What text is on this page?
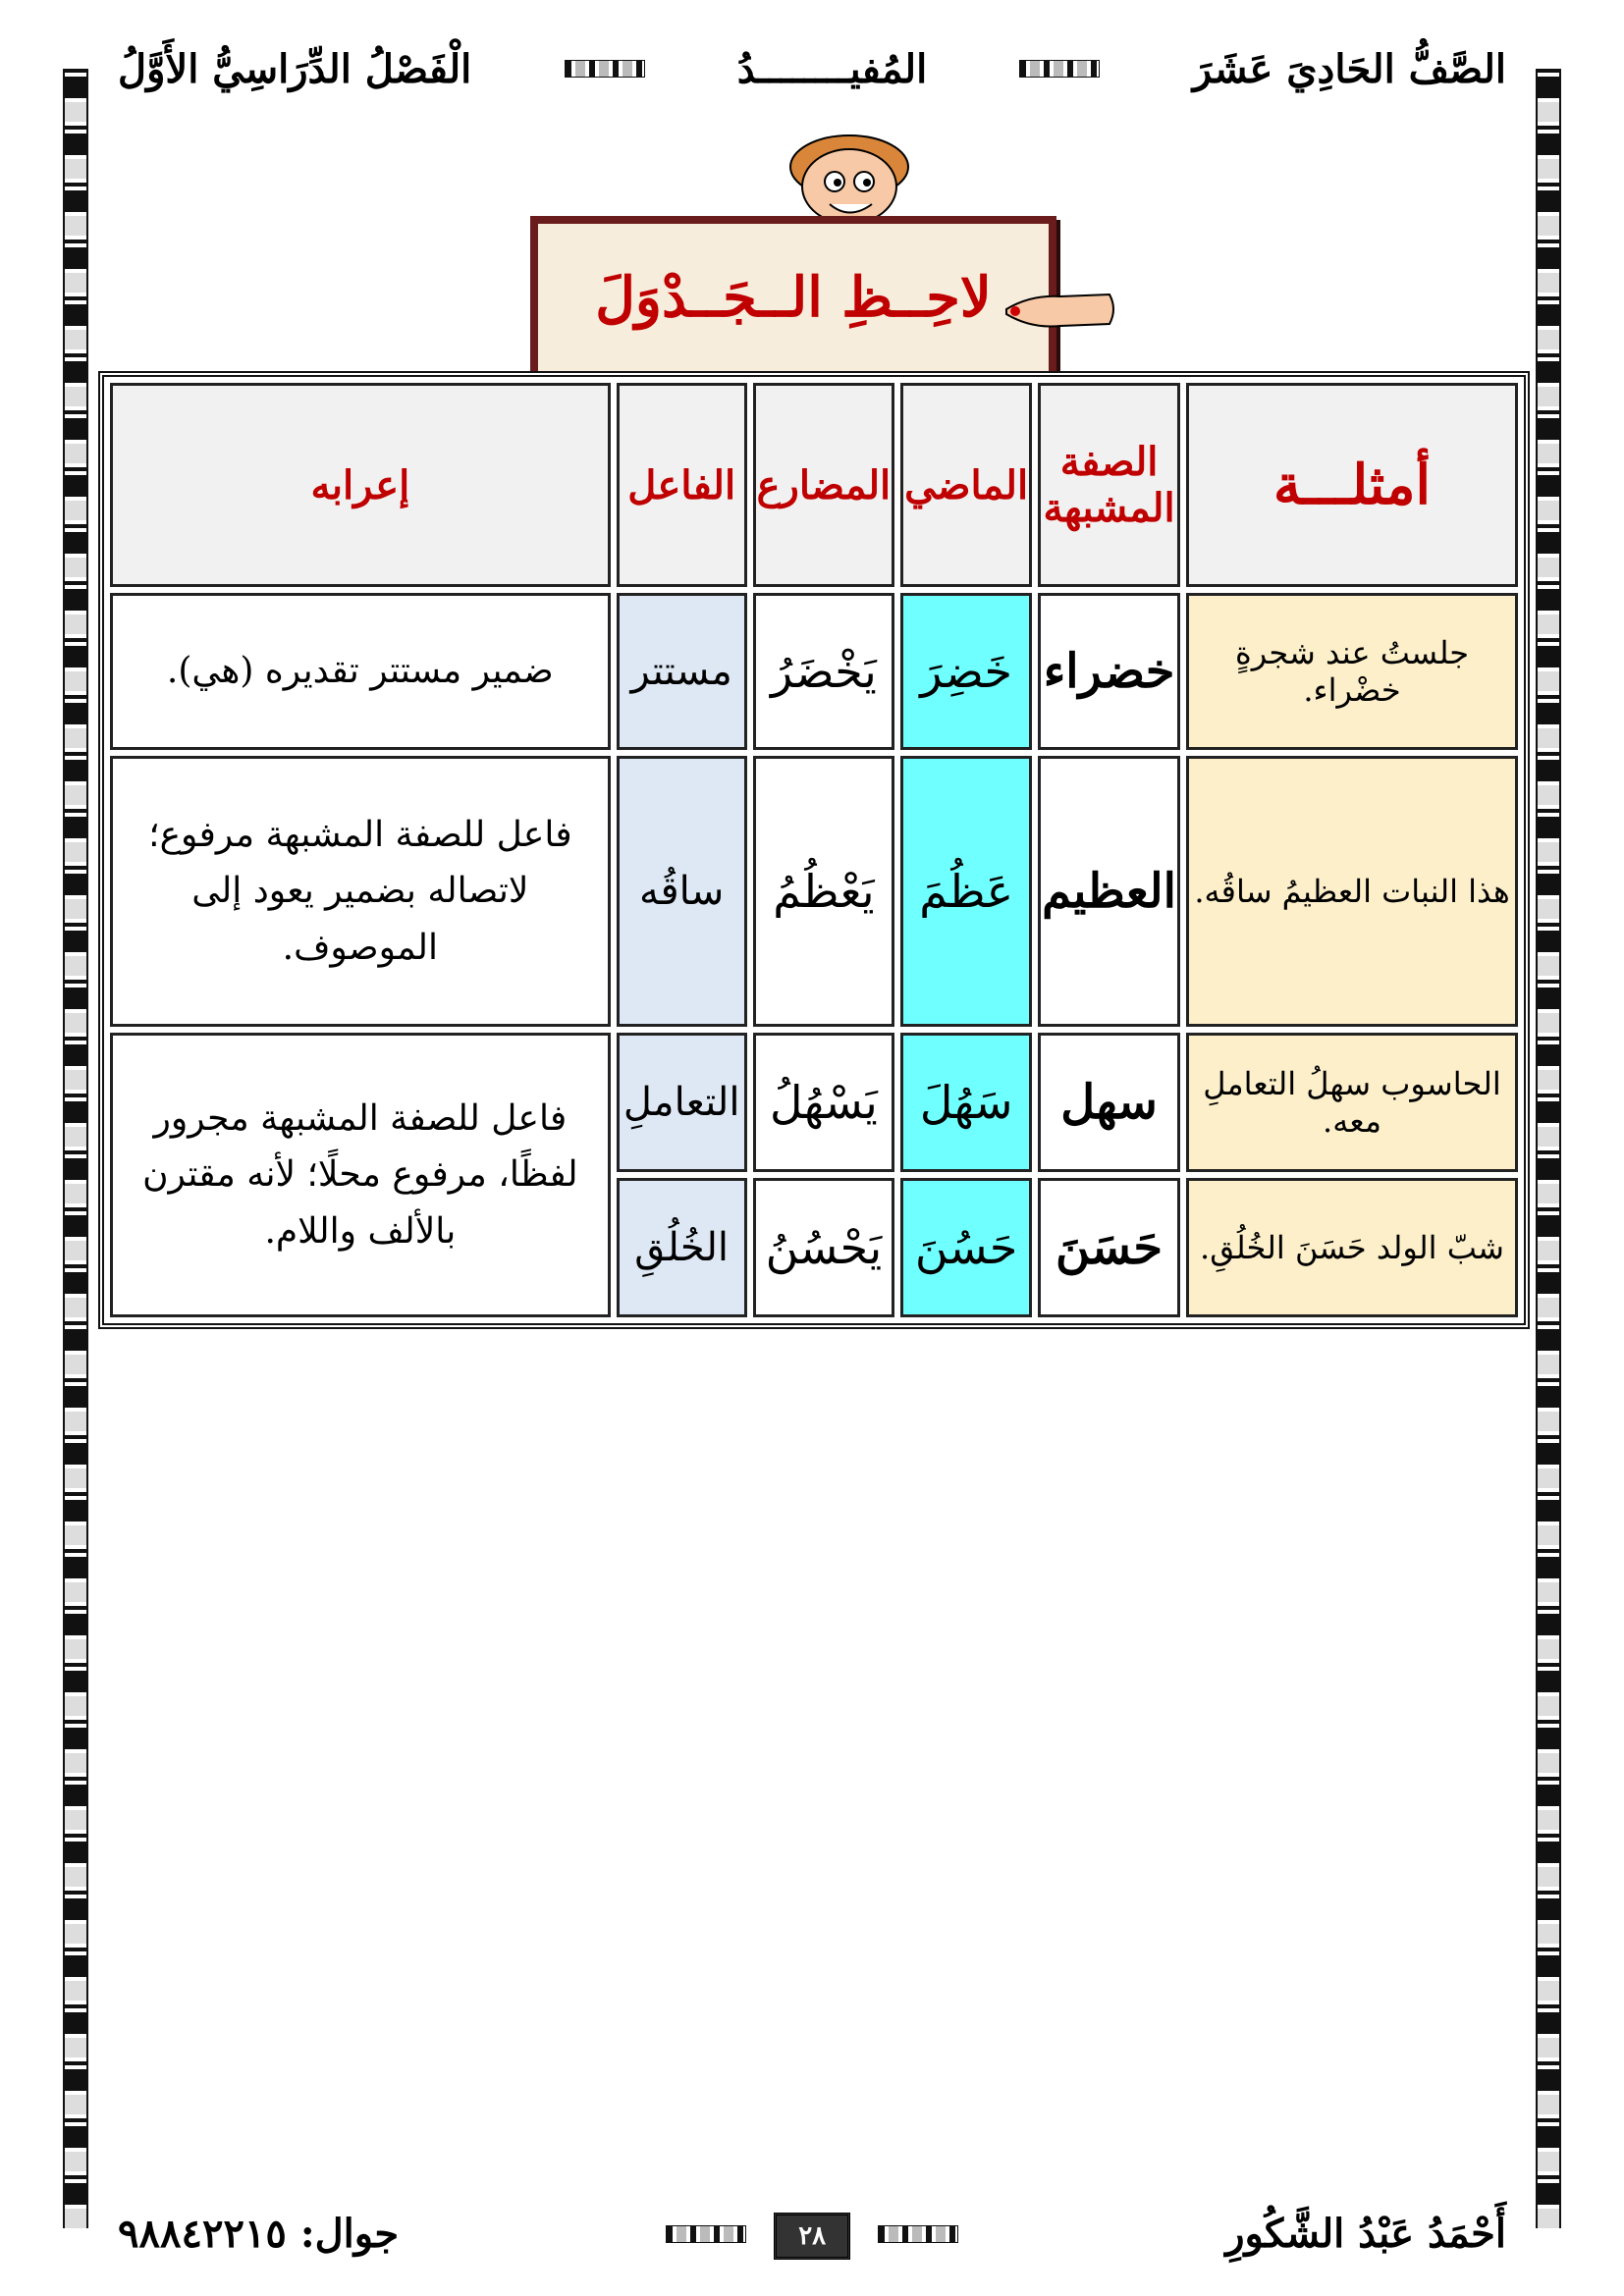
الصَّفُّ الحَادِيَ عَشَرَ
المُفيــــــــدُ
الْفَصْلُ الدِّرَاسِيُّ الأَوَّلُ
لاحِــظِ الــجَــدْوَلَ
أمثلـــة	الصفة المشبهة	الماضي	المضارع	الفاعل	إعرابه
جلستُ عند شجرةٍ خضْراء.	خضراء	خَضِرَ	يَخْضَرُ	مستتر	ضمير مستتر تقديره (هي).
هذا النبات العظيمُ ساقُه.	العظيم	عَظُمَ	يَعْظُمُ	ساقُه	فاعل للصفة المشبهة مرفوع؛ لاتصاله بضمير يعود إلى الموصوف.
الحاسوب سهلُ التعاملِ معه.	سهل	سَهُلَ	يَسْهُلُ	التعاملِ	فاعل للصفة المشبهة مجرور لفظًا، مرفوع محلًا؛ لأنه مقترن بالألف واللام.
شبّ الولد حَسَنَ الخُلُقِ.	حَسَنَ	حَسُنَ	يَحْسُنُ	الخُلُقِ	
أَحْمَدُ عَبْدُ الشَّكُورِ
٢٨
جوال: ٩٨٨٤٢٢١٥
